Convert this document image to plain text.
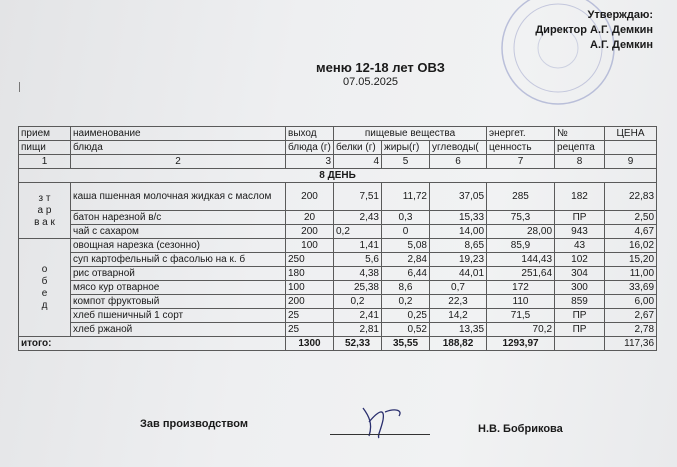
Утверждаю:
Директор А.Г. Демкин
А.Г. Демкин
меню 12-18 лет ОВЗ
07.05.2025
прием	наименование	выход	пищевые вещества			энергет.	№	ЦЕНА
пищи	блюда	блюда (г)	белки (г)	жиры(г)	углеводы(	ценность	рецепта	
1	2	3	4	5	6	7	8	9
8 ДЕНЬ								

з т
а р
в а к	каша пшенная молочная жидкая с маслом	200	7,51	11,72	37,05	285	182	22,83
	батон нарезной в/с	20	2,43	0,3	15,33	75,3	ПР	2,50
	чай с сахаром	200	0,2	0	14,00	28,00	943	4,67

о
б
е
д	овощная нарезка (сезонно)	100	1,41	5,08	8,65	85,9	43	16,02
	суп картофельный с фасолью на к. б	250	5,6	2,84	19,23	144,43	102	15,20
	рис отварной	180	4,38	6,44	44,01	251,64	304	11,00
	мясо кур отварное	100	25,38	8,6	0,7	172	300	33,69
	компот фруктовый	200	0,2	0,2	22,3	110	859	6,00
	хлеб пшеничный 1 сорт	25	2,41	0,25	14,2	71,5	ПР	2,67
	хлеб ржаной	25	2,81	0,52	13,35	70,2	ПР	2,78
итого:		1300	52,33	35,55	188,82	1293,97		117,36
Зав производством	Н.В. Бобрикова
